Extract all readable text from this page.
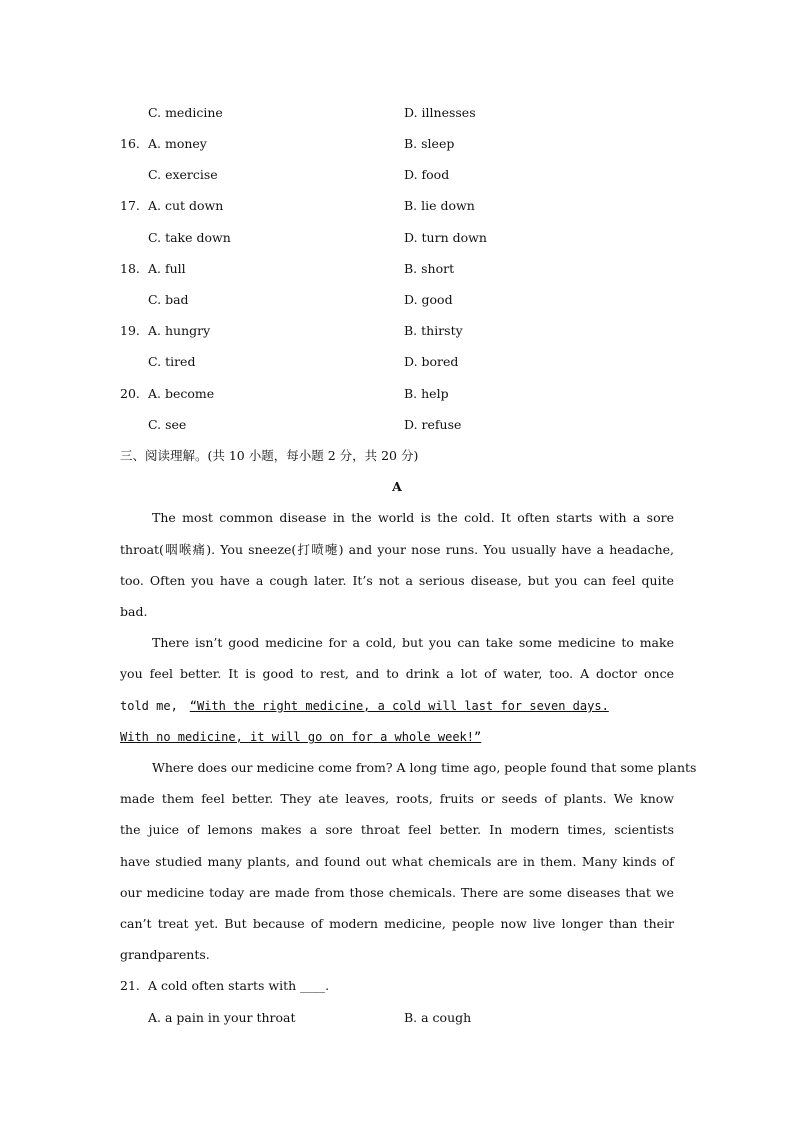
C. medicine	D. illnesses
16. A. money	B. sleep
C. exercise	D. food
17. A. cut down	B. lie down
C. take down	D. turn down
18. A. full	B. short
C. bad	D. good
19. A. hungry	B. thirsty
C. tired	D. bored
20. A. become	B. help
C. see	D. refuse
三、阅读理解。(共 10 小题，每小题 2 分，共 20 分)
A
The most common disease in the world is the cold. It often starts with a sore
throat(咽喉痛). You sneeze(打喷嚏) and your nose runs. You usually have a headache,
too. Often you have a cough later. It’s not a serious disease, but you can feel quite
bad.
There isn’t good medicine for a cold, but you can take some medicine to make
you feel better. It is good to rest, and to drink a lot of water, too. A doctor once
told me, “With the right medicine, a cold will last for seven days.
With no medicine, it will go on for a whole week!”
Where does our medicine come from? A long time ago, people found that some plants
made them feel better. They ate leaves, roots, fruits or seeds of plants. We know
the juice of lemons makes a sore throat feel better. In modern times, scientists
have studied many plants, and found out what chemicals are in them. Many kinds of
our medicine today are made from those chemicals. There are some diseases that we
can’t treat yet. But because of modern medicine, people now live longer than their
grandparents.
21. A cold often starts with ____.
A. a pain in your throat	B. a cough
